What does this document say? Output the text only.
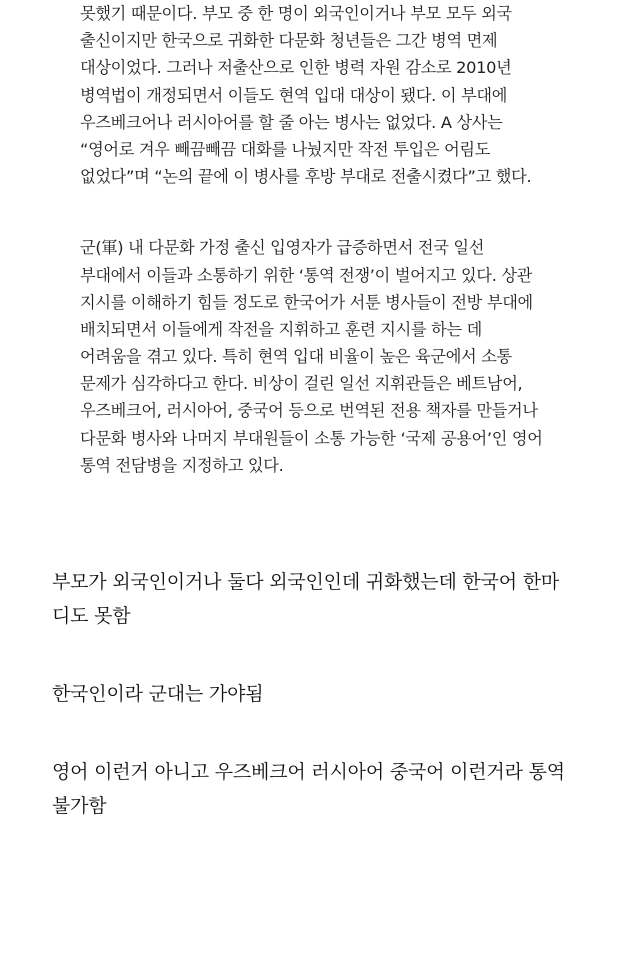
못했기 때문이다. 부모 중 한 명이 외국인이거나 부모 모두 외국
출신이지만 한국으로 귀화한 다문화 청년들은 그간 병역 면제
대상이었다. 그러나 저출산으로 인한 병력 자원 감소로 2010년
병역법이 개정되면서 이들도 현역 입대 대상이 됐다. 이 부대에
우즈베크어나 러시아어를 할 줄 아는 병사는 없었다. A 상사는
“영어로 겨우 빼끔빼끔 대화를 나눴지만 작전 투입은 어림도
없었다”며 “논의 끝에 이 병사를 후방 부대로 전출시켰다”고 했다.
군(軍) 내 다문화 가정 출신 입영자가 급증하면서 전국 일선
부대에서 이들과 소통하기 위한 ‘통역 전쟁’이 벌어지고 있다. 상관
지시를 이해하기 힘들 정도로 한국어가 서툰 병사들이 전방 부대에
배치되면서 이들에게 작전을 지휘하고 훈련 지시를 하는 데
어려움을 겪고 있다. 특히 현역 입대 비율이 높은 육군에서 소통
문제가 심각하다고 한다. 비상이 걸린 일선 지휘관들은 베트남어,
우즈베크어, 러시아어, 중국어 등으로 번역된 전용 책자를 만들거나
다문화 병사와 나머지 부대원들이 소통 가능한 ‘국제 공용어’인 영어
통역 전담병을 지정하고 있다.
부모가 외국인이거나 둘다 외국인인데 귀화했는데 한국어 한마
디도 못함
한국인이라 군대는 가야됨
영어 이런거 아니고 우즈베크어 러시아어 중국어 이런거라 통역
불가함
